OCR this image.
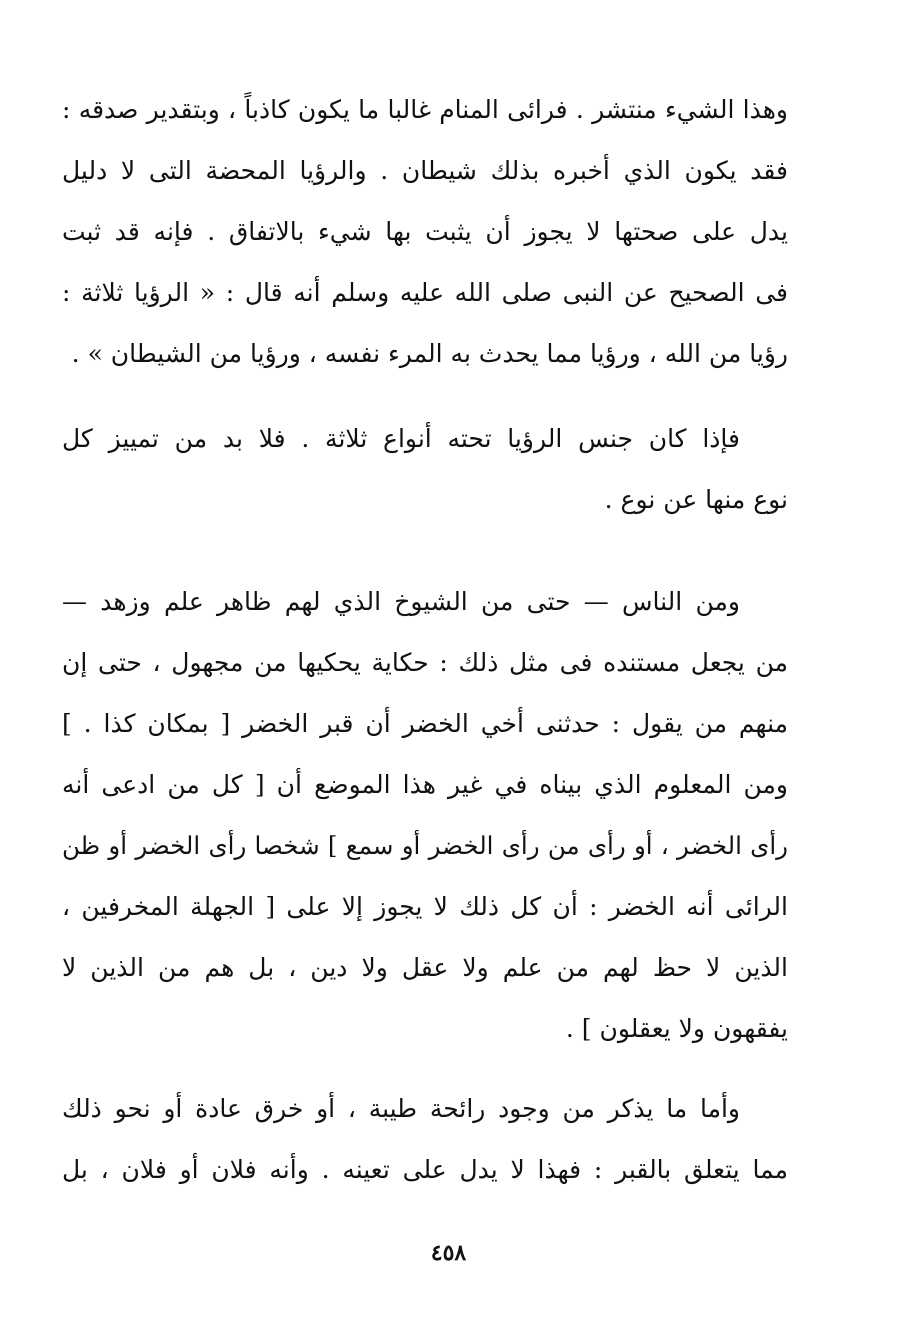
وهذا الشيء منتشر . فرائى المنام غالبا ما يكون كاذباً ، وبتقدير صدقه :
فقد يكون الذي أخبره بذلك شيطان . والرؤيا المحضة التى لا دليل
يدل على صحتها لا يجوز أن يثبت بها شيء بالاتفاق . فإنه قد ثبت
فى الصحيح عن النبى صلى الله عليه وسلم أنه قال : « الرؤيا ثلاثة :
رؤيا من الله ، ورؤيا مما يحدث به المرء نفسه ، ورؤيا من الشيطان » .
فإذا كان جنس الرؤيا تحته أنواع ثلاثة . فلا بد من تمييز كل
نوع منها عن نوع .
ومن الناس — حتى من الشيوخ الذي لهم ظاهر علم وزهد —
من يجعل مستنده فى مثل ذلك : حكاية يحكيها من مجهول ، حتى إن
منهم من يقول : حدثنى أخي الخضر أن قبر الخضر [ بمكان كذا . ]
ومن المعلوم الذي بيناه في غير هذا الموضع أن [ كل من ادعى أنه
رأى الخضر ، أو رأى من رأى الخضر أو سمع ] شخصا رأى الخضر أو ظن
الرائى أنه الخضر : أن كل ذلك لا يجوز إلا على [ الجهلة المخرفين ،
الذين لا حظ لهم من علم ولا عقل ولا دين ، بل هم من الذين لا
يفقهون ولا يعقلون ] .
وأما ما يذكر من وجود رائحة طيبة ، أو خرق عادة أو نحو ذلك
مما يتعلق بالقبر : فهذا لا يدل على تعينه . وأنه فلان أو فلان ، بل
٤٥٨
